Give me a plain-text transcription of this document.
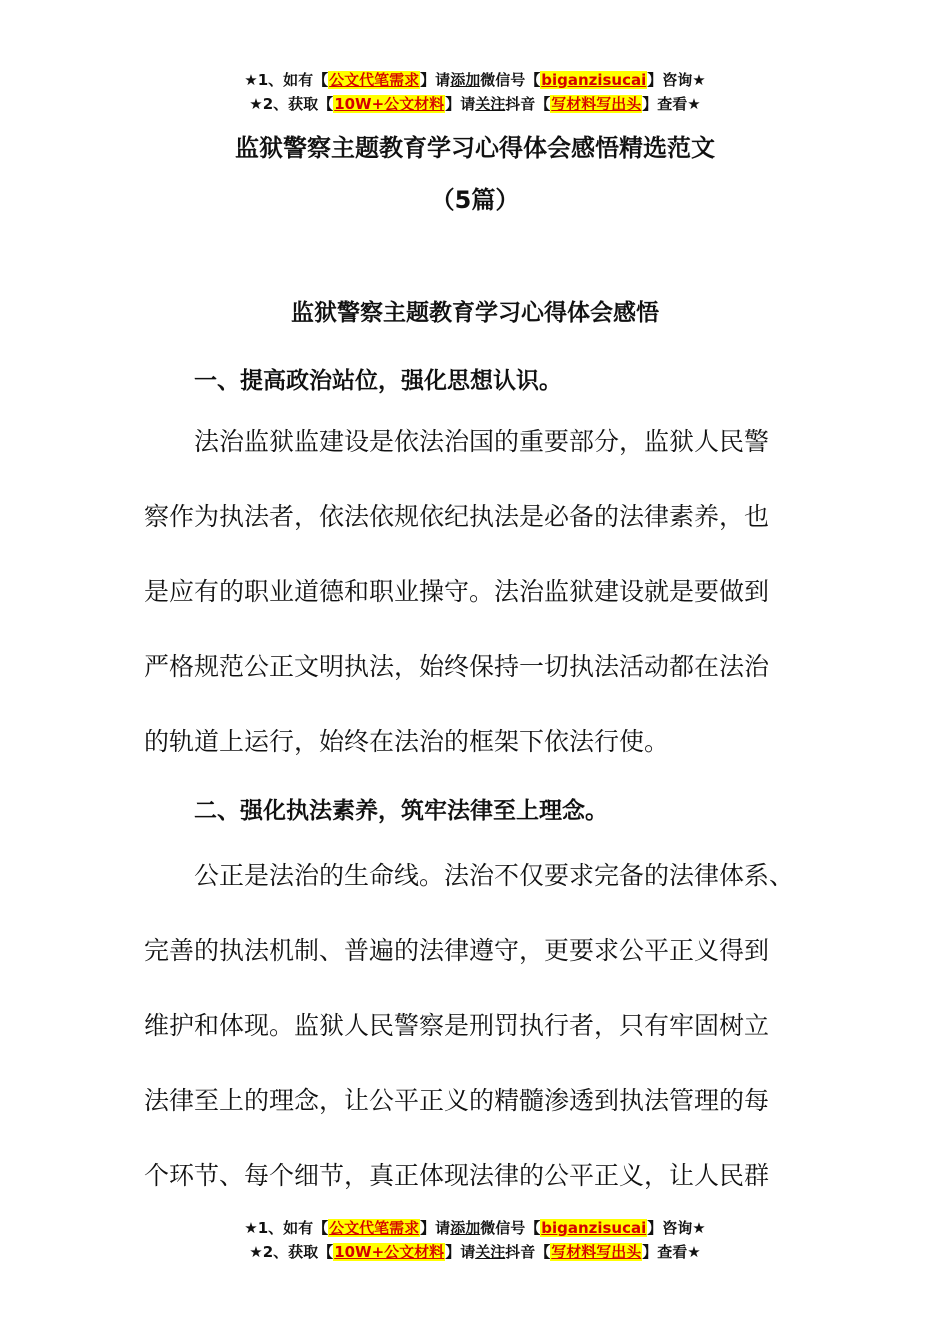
★1、如有【公文代笔需求】请添加微信号【biganzisucai】咨询★
★2、获取【10W+公文材料】请关注抖音【写材料写出头】查看★
监狱警察主题教育学习心得体会感悟精选范文
（5篇）
监狱警察主题教育学习心得体会感悟
一、提高政治站位，强化思想认识。
　　法治监狱监建设是依法治国的重要部分，监狱人民警
察作为执法者，依法依规依纪执法是必备的法律素养，也
是应有的职业道德和职业操守。法治监狱建设就是要做到
严格规范公正文明执法，始终保持一切执法活动都在法治
的轨道上运行，始终在法治的框架下依法行使。
二、强化执法素养，筑牢法律至上理念。
　　公正是法治的生命线。法治不仅要求完备的法律体系、
完善的执法机制、普遍的法律遵守，更要求公平正义得到
维护和体现。监狱人民警察是刑罚执行者，只有牢固树立
法律至上的理念，让公平正义的精髓渗透到执法管理的每
个环节、每个细节，真正体现法律的公平正义，让人民群
★1、如有【公文代笔需求】请添加微信号【biganzisucai】咨询★
★2、获取【10W+公文材料】请关注抖音【写材料写出头】查看★
